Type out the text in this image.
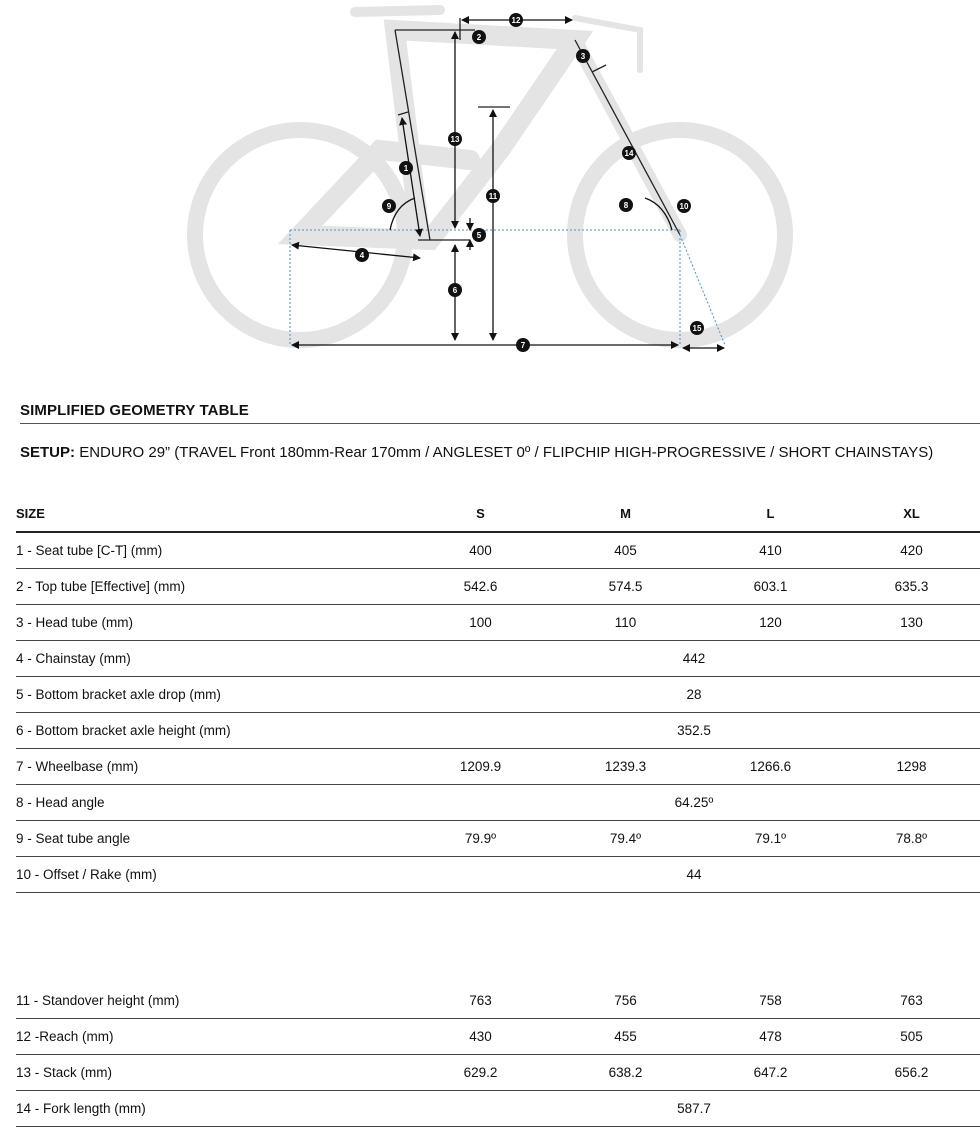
1
2
3
4
5
6
7
8
9	10
11
12
13
14
15
SIMPLIFIED GEOMETRY TABLE
SETUP: ENDURO 29” (TRAVEL Front 180mm-Rear 170mm / ANGLESET 0º / FLIPCHIP HIGH-PROGRESSIVE / SHORT CHAINSTAYS)
SIZE	S	M	L	XL
1 - Seat tube [C-T] (mm)	400	405	410	420
2 - Top tube [Effective] (mm)	542.6	574.5	603.1	635.3
3 - Head tube (mm)	100	110	120	130
4 - Chainstay (mm)	442			
5 - Bottom bracket axle drop (mm)	28			
6 - Bottom bracket axle height (mm)	352.5			
7 - Wheelbase (mm)	1209.9	1239.3	1266.6	1298
8 - Head angle	64.25º			
9 - Seat tube angle	79.9º	79.4º	79.1º	78.8º
10 - Offset / Rake (mm)	44			
11 - Standover height (mm)	763	756	758	763
12 -Reach (mm)	430	455	478	505
13 - Stack (mm)	629.2	638.2	647.2	656.2
14 - Fork length (mm)	587.7			
